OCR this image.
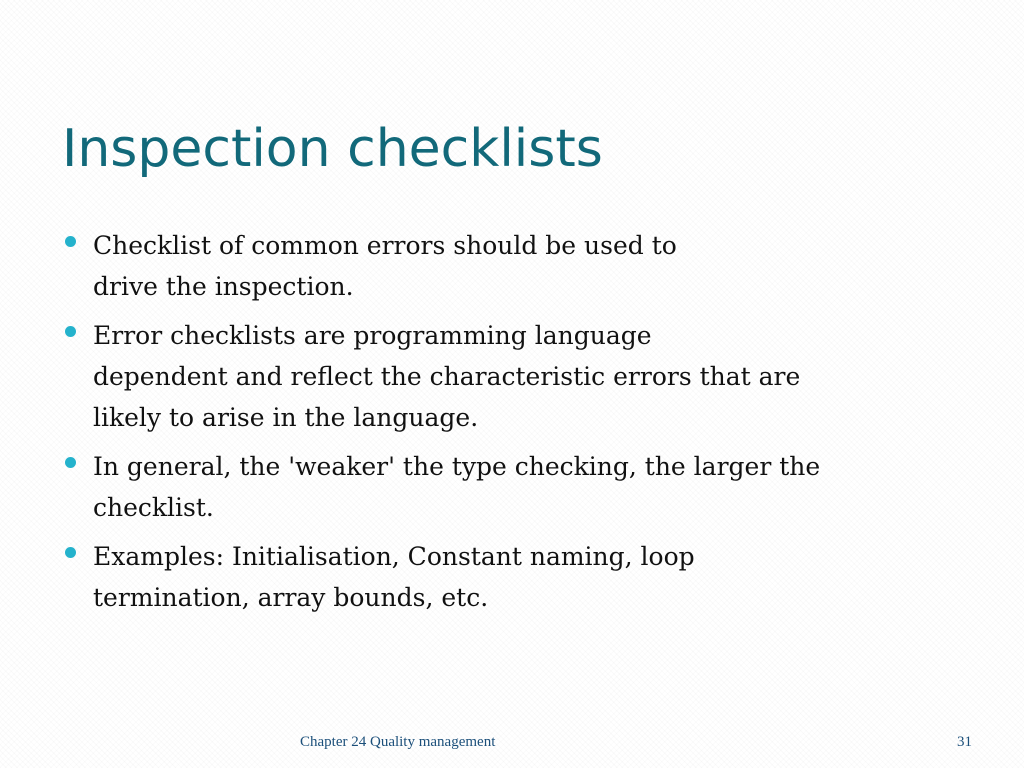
Inspection checklists
Checklist of common errors should be used to
drive the inspection.
Error checklists are programming language
dependent and reflect the characteristic errors that are
likely to arise in the language.
In general, the 'weaker' the type checking, the larger the
checklist.
Examples: Initialisation, Constant naming, loop
termination, array bounds, etc.
Chapter 24 Quality management	31
